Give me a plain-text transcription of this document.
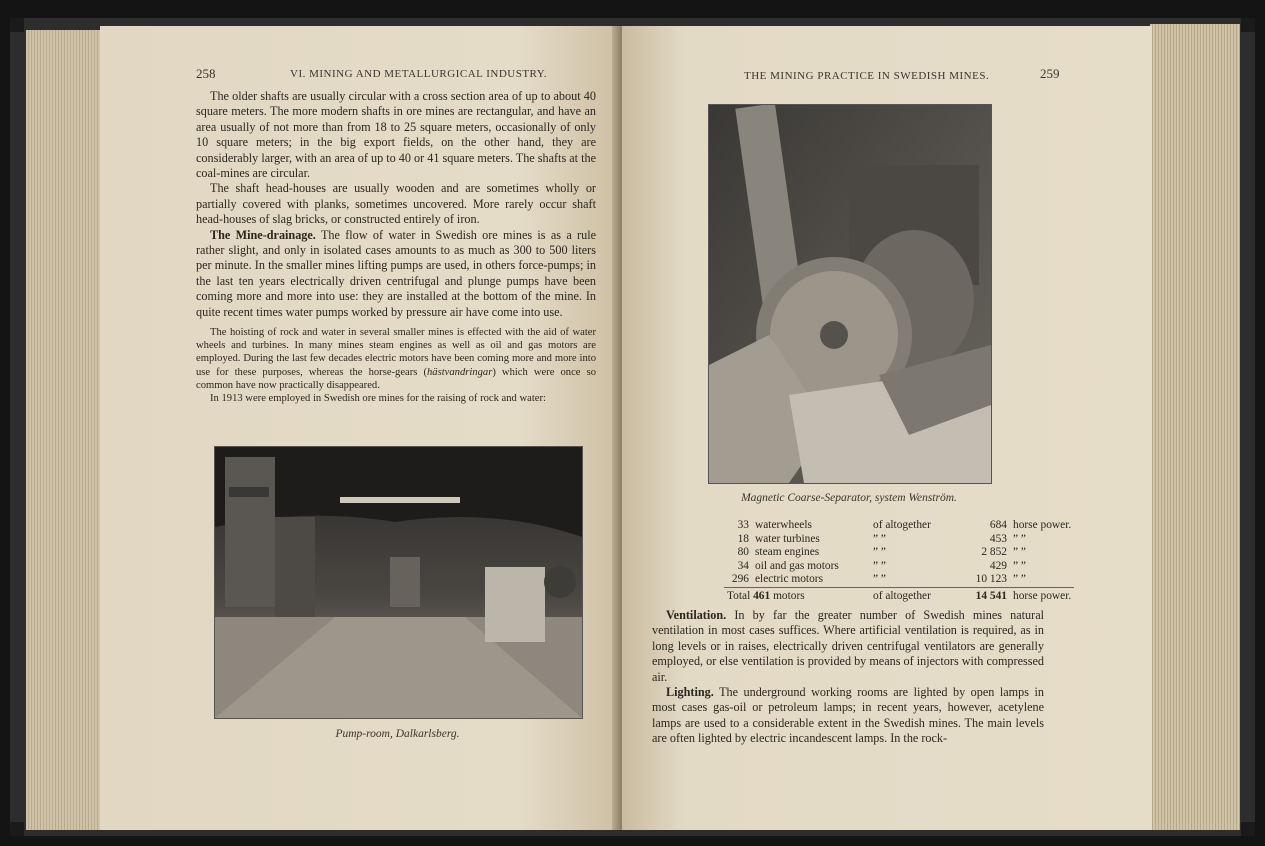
258	VI. MINING AND METALLURGICAL INDUSTRY.

The older shafts are usually circular with a cross section area of up to about 40 square meters. The more modern shafts in ore mines are rectangular, and have an area usually of not more than from 18 to 25 square meters, occasionally of only 10 square meters; in the big export fields, on the other hand, they are considerably larger, with an area of up to 40 or 41 square meters. The shafts at the coal-mines are circular.

The shaft head-houses are usually wooden and are sometimes wholly or partially covered with planks, sometimes uncovered. More rarely occur shaft head-houses of slag bricks, or constructed entirely of iron.

The Mine-drainage. The flow of water in Swedish ore mines is as a rule rather slight, and only in isolated cases amounts to as much as 300 to 500 liters per minute. In the smaller mines lifting pumps are used, in others force-pumps; in the last ten years electrically driven centrifugal and plunge pumps have been coming more and more into use: they are installed at the bottom of the mine. In quite recent times water pumps worked by pressure air have come into use.

The hoisting of rock and water in several smaller mines is effected with the aid of water wheels and turbines. In many mines steam engines as well as oil and gas motors are employed. During the last few decades electric motors have been coming more and more into use for these purposes, whereas the horse-gears (hästvandringar) which were once so common have now practically disappeared.

In 1913 were employed in Swedish ore mines for the raising of rock and water:

Pump-room, Dalkarlsberg.
THE MINING PRACTICE IN SWEDISH MINES.	259
Magnetic Coarse-Separator, system Wenström.
33	waterwheels	of altogether	684	horse power.
18	water turbines	” ”	453	” ”
80	steam engines	” ”	2 852	” ”
34	oil and gas motors	” ”	429	” ”
296	electric motors	” ”	10 123	” ”
Total 461 motors		of altogether	14 541	horse power.

Ventilation. In by far the greater number of Swedish mines natural ventilation in most cases suffices. Where artificial ventilation is required, as in long levels or in raises, electrically driven centrifugal ventilators are generally employed, or else ventilation is provided by means of injectors with compressed air.

Lighting. The underground working rooms are lighted by open lamps in most cases gas-oil or petroleum lamps; in recent years, however, acetylene lamps are used to a considerable extent in the Swedish mines. The main levels are often lighted by electric incandescent lamps. In the rock-
